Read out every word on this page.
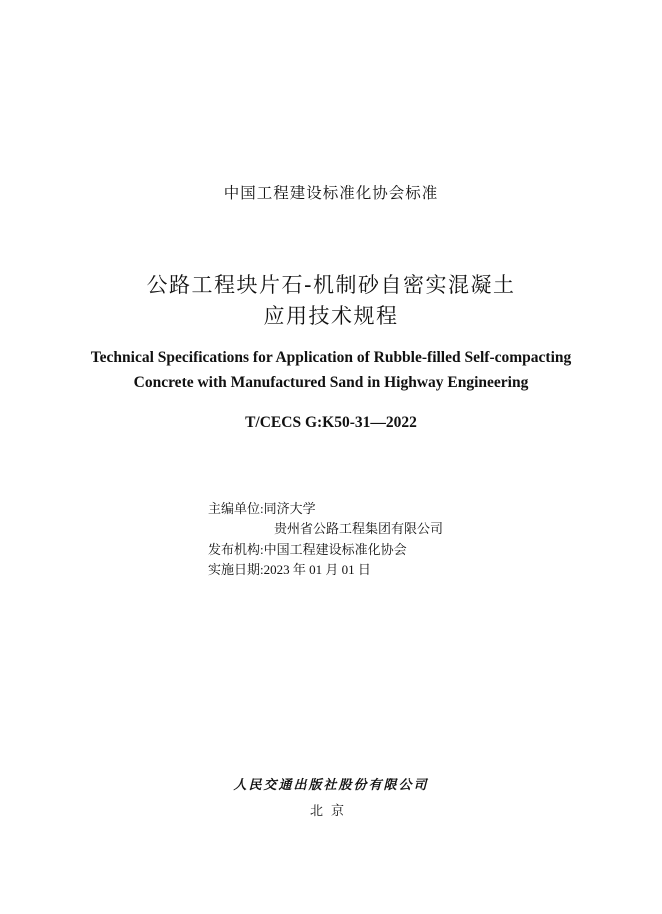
中国工程建设标准化协会标准
公路工程块片石-机制砂自密实混凝土
应用技术规程
Technical Specifications for Application of Rubble-filled Self-compacting
Concrete with Manufactured Sand in Highway Engineering
T/CECS G:K50-31—2022
主编单位:同济大学
贵州省公路工程集团有限公司
发布机构:中国工程建设标准化协会
实施日期:2023 年 01 月 01 日
人民交通出版社股份有限公司
北京
